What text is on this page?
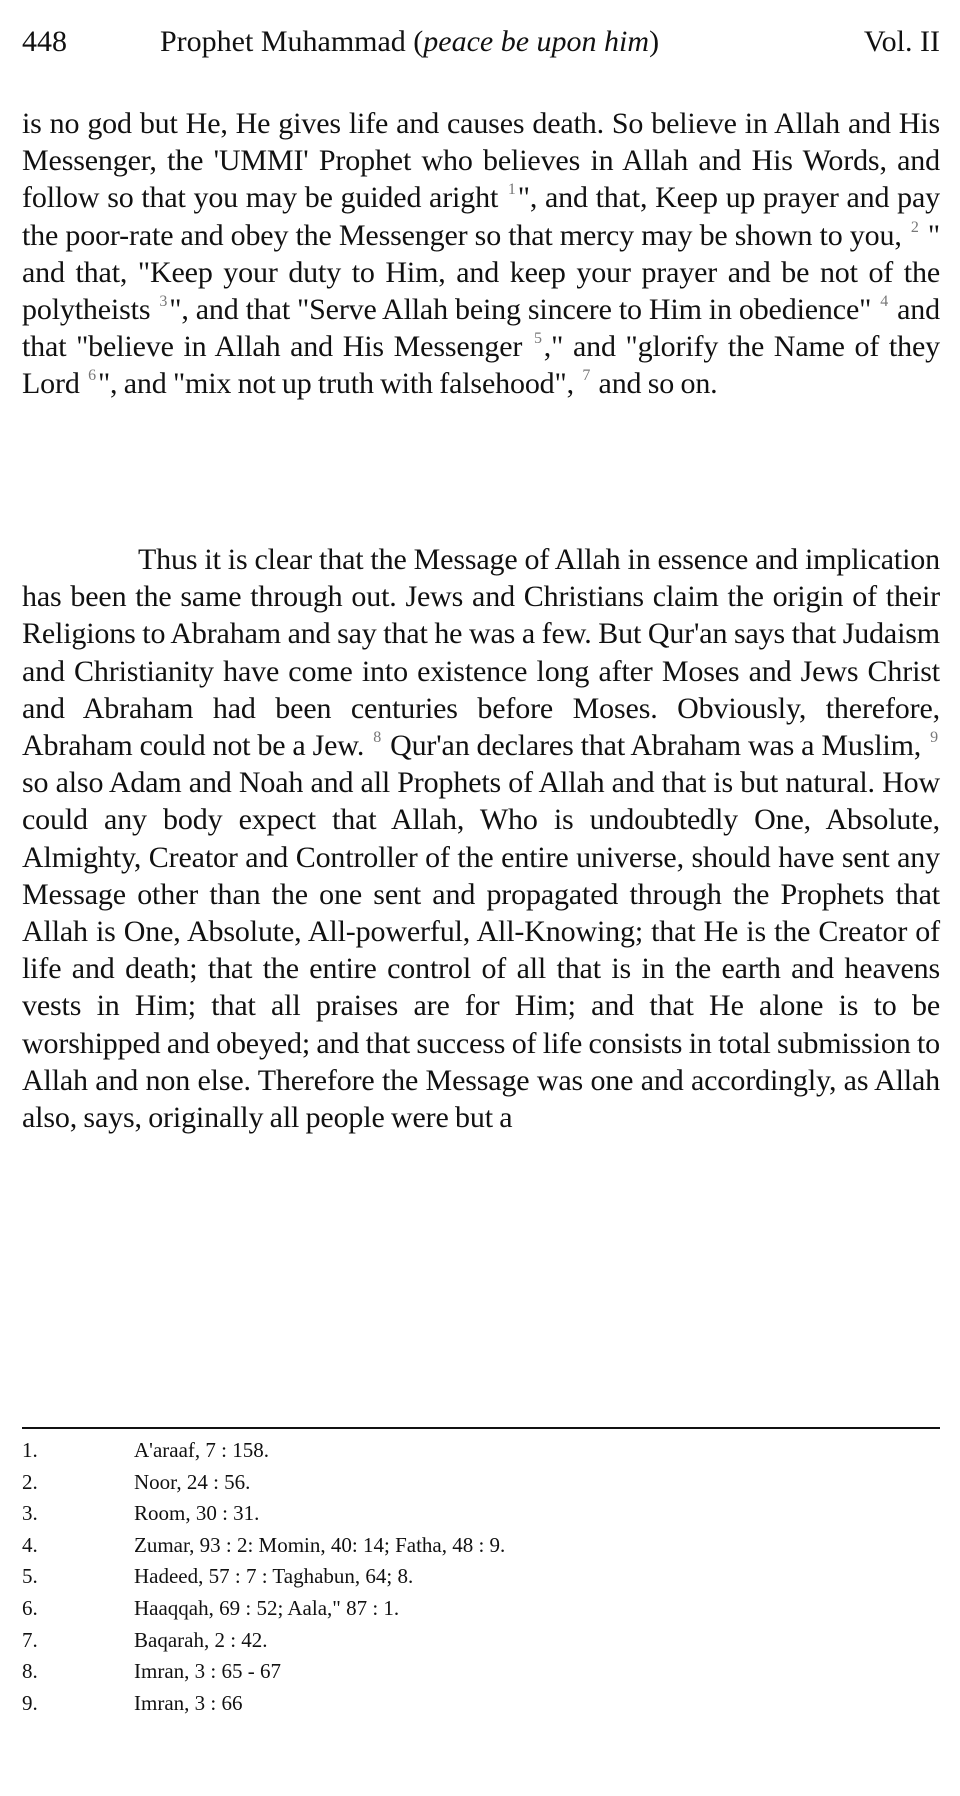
448	Prophet Muhammad (peace be upon him)	Vol. II
is no god but He, He gives life and causes death. So believe in Allah and His Messenger, the 'UMMI' Prophet who believes in Allah and His Words, and follow so that you may be guided aright $^1$", and that, Keep up prayer and pay the poor-rate and obey the Messenger so that mercy may be shown to you, $^2$ " and that, "Keep your duty to Him, and keep your prayer and be not of the polytheists $^3$", and that "Serve Allah being sincere to Him in obedience" $^4$ and that "believe in Allah and His Messenger $^5$," and "glorify the Name of they Lord $^6$", and "mix not up truth with falsehood", $^7$ and so on.
Thus it is clear that the Message of Allah in essence and implication has been the same through out. Jews and Christians claim the origin of their Religions to Abraham and say that he was a few. But Qur'an says that Judaism and Christianity have come into existence long after Moses and Jews Christ and Abraham had been centuries before Moses. Obviously, therefore, Abraham could not be a Jew. $^8$ Qur'an declares that Abraham was a Muslim, $^9$ so also Adam and Noah and all Prophets of Allah and that is but natural. How could any body expect that Allah, Who is undoubtedly One, Absolute, Almighty, Creator and Controller of the entire universe, should have sent any Message other than the one sent and propagated through the Prophets that Allah is One, Absolute, All-powerful, All-Knowing; that He is the Creator of life and death; that the entire control of all that is in the earth and heavens vests in Him; that all praises are for Him; and that He alone is to be worshipped and obeyed; and that success of life consists in total submission to Allah and non else. Therefore the Message was one and accordingly, as Allah also, says, originally all people were but a
1.	A'araaf, 7 : 158.
2.	Noor, 24 : 56.
3.	Room, 30 : 31.
4.	Zumar, 93 : 2: Momin, 40: 14; Fatha, 48 : 9.
5.	Hadeed, 57 : 7 : Taghabun, 64; 8.
6.	Haaqqah, 69 : 52; Aala," 87 : 1.
7.	Baqarah, 2 : 42.
8.	Imran, 3 : 65 - 67
9.	Imran, 3 : 66
